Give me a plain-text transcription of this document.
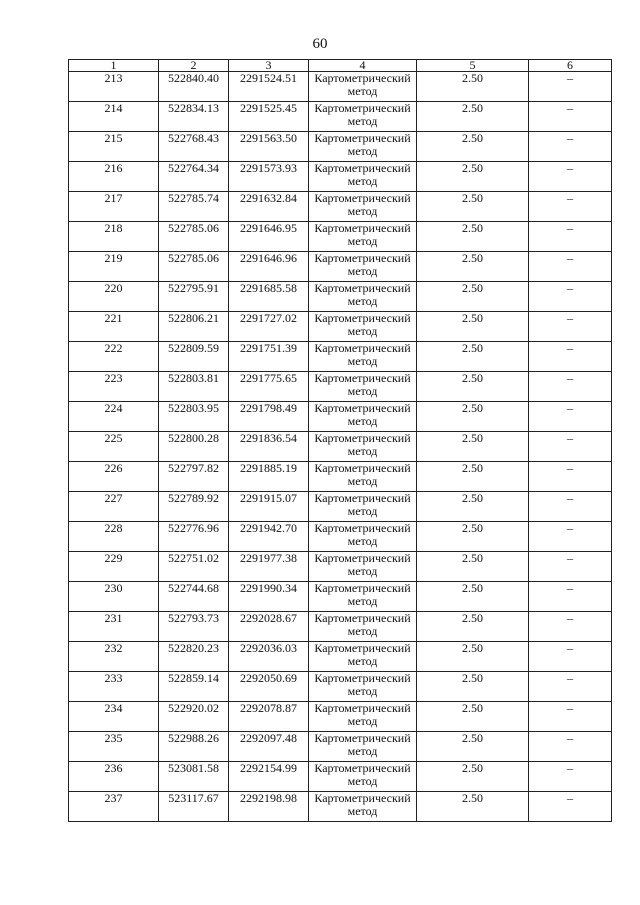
60
1	2	3	4	5	6
213	522840.40	2291524.51	Картометрический метод	2.50	–
214	522834.13	2291525.45	Картометрический метод	2.50	–
215	522768.43	2291563.50	Картометрический метод	2.50	–
216	522764.34	2291573.93	Картометрический метод	2.50	–
217	522785.74	2291632.84	Картометрический метод	2.50	–
218	522785.06	2291646.95	Картометрический метод	2.50	–
219	522785.06	2291646.96	Картометрический метод	2.50	–
220	522795.91	2291685.58	Картометрический метод	2.50	–
221	522806.21	2291727.02	Картометрический метод	2.50	–
222	522809.59	2291751.39	Картометрический метод	2.50	–
223	522803.81	2291775.65	Картометрический метод	2.50	–
224	522803.95	2291798.49	Картометрический метод	2.50	–
225	522800.28	2291836.54	Картометрический метод	2.50	–
226	522797.82	2291885.19	Картометрический метод	2.50	–
227	522789.92	2291915.07	Картометрический метод	2.50	–
228	522776.96	2291942.70	Картометрический метод	2.50	–
229	522751.02	2291977.38	Картометрический метод	2.50	–
230	522744.68	2291990.34	Картометрический метод	2.50	–
231	522793.73	2292028.67	Картометрический метод	2.50	–
232	522820.23	2292036.03	Картометрический метод	2.50	–
233	522859.14	2292050.69	Картометрический метод	2.50	–
234	522920.02	2292078.87	Картометрический метод	2.50	–
235	522988.26	2292097.48	Картометрический метод	2.50	–
236	523081.58	2292154.99	Картометрический метод	2.50	–
237	523117.67	2292198.98	Картометрический метод	2.50	–
